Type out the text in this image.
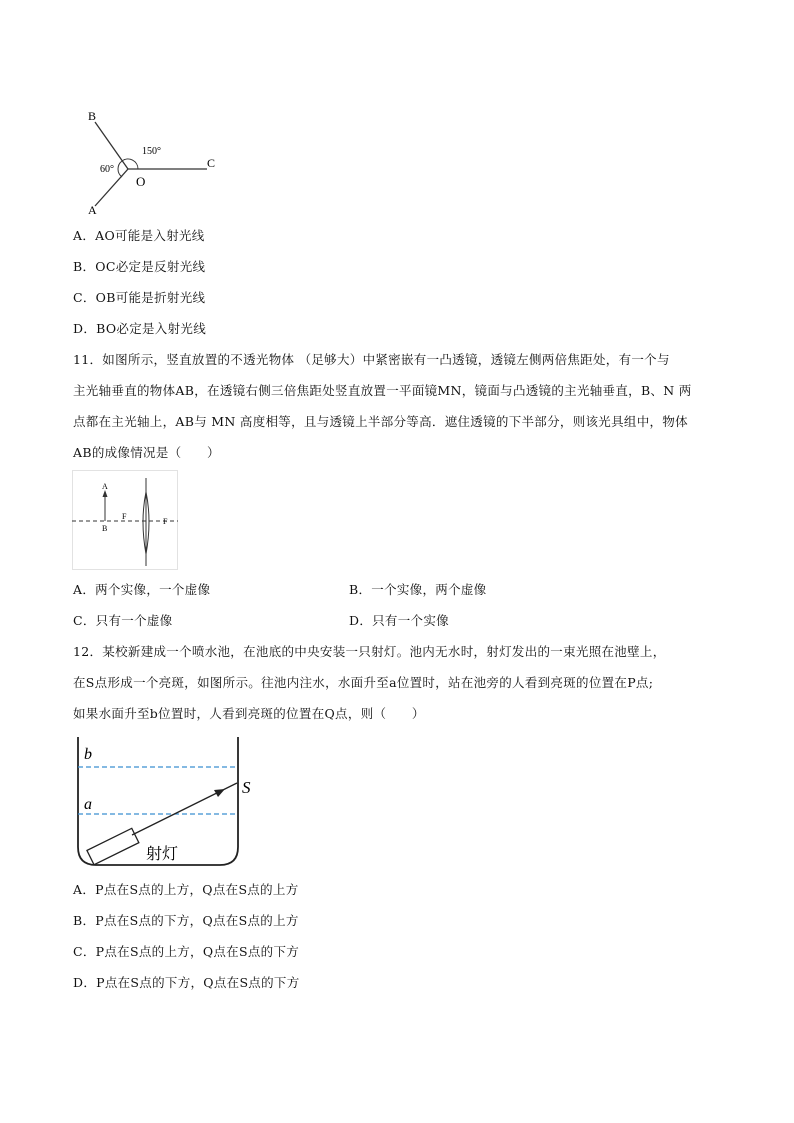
B
A
O
C
150°
60°
A．AO可能是入射光线
B．OC必定是反射光线
C．OB可能是折射光线
D．BO必定是入射光线
11．如图所示，竖直放置的不透光物体 （足够大）中紧密嵌有一凸透镜，透镜左侧两倍焦距处，有一个与
主光轴垂直的物体AB，在透镜右侧三倍焦距处竖直放置一平面镜MN，镜面与凸透镜的主光轴垂直，B、N 两
点都在主光轴上，AB与 MN 高度相等，且与透镜上半部分等高．遮住透镜的下半部分，则该光具组中，物体
AB的成像情况是（　　）
A
B
F
F
A．两个实像，一个虚像	B．一个实像，两个虚像
C．只有一个虚像	D．只有一个实像
12．某校新建成一个喷水池，在池底的中央安装一只射灯。池内无水时，射灯发出的一束光照在池壁上，
在S点形成一个亮斑，如图所示。往池内注水，水面升至a位置时，站在池旁的人看到亮斑的位置在P点;
如果水面升至b位置时，人看到亮斑的位置在Q点，则（　　）
b
a
S
射灯
A．P点在S点的上方，Q点在S点的上方
B．P点在S点的下方，Q点在S点的上方
C．P点在S点的上方，Q点在S点的下方
D．P点在S点的下方，Q点在S点的下方
